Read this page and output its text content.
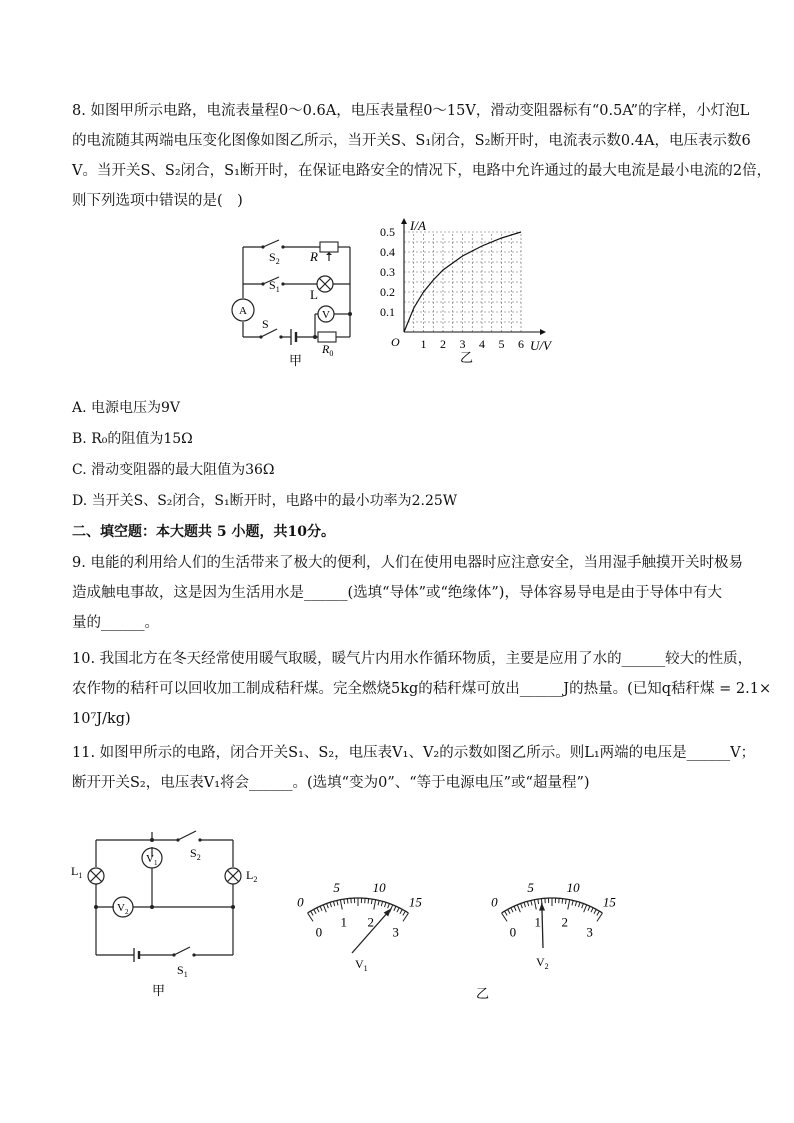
8. 如图甲所示电路，电流表量程0～0.6A，电压表量程0～15V，滑动变阻器标有“0.5A”的字样，小灯泡L
的电流随其两端电压变化图像如图乙所示，当开关S、S₁闭合，S₂断开时，电流表示数0.4A，电压表示数6
V。当开关S、S₂闭合，S₁断开时，在保证电路安全的情况下，电路中允许通过的最大电流是最小电流的2倍，
则下列选项中错误的是(　)
$S_2$ R
$S_1$ L
A	V
S
$R_0$
甲
0.5
0.4
0.3
0.2
0.1
1 2 3 4 5 6
I/A
U/V
O
乙
A. 电源电压为9V
B. R₀的阻值为15Ω
C. 滑动变阻器的最大阻值为36Ω
D. 当开关S、S₂闭合，S₁断开时，电路中的最小功率为2.25W
二、填空题：本大题共 5 小题，共10分。
9. 电能的利用给人们的生活带来了极大的便利，人们在使用电器时应注意安全，当用湿手触摸开关时极易
造成触电事故，这是因为生活用水是______(选填“导体”或“绝缘体”)，导体容易导电是由于导体中有大
量的______。
10. 我国北方在冬天经常使用暖气取暖，暖气片内用水作循环物质，主要是应用了水的______较大的性质，
农作物的秸秆可以回收加工制成秸秆煤。完全燃烧5kg的秸秆煤可放出______J的热量。(已知q秸秆煤 = 2.1×
10⁷J/kg)
11. 如图甲所示的电路，闭合开关S₁、S₂，电压表V₁、V₂的示数如图乙所示。则L₁两端的电压是______V；
断开开关S₂，电压表V₁将会______。(选填“变为0”、“等于电源电压”或“超量程”)
$S_2$
$V_1$
$V_2$
$L_1$	$L_2$
$S_1$
甲
0
5	10
15
0
1 2
3
$V_1$
0
5	10
15
0
1 2
3
$V_2$
乙
